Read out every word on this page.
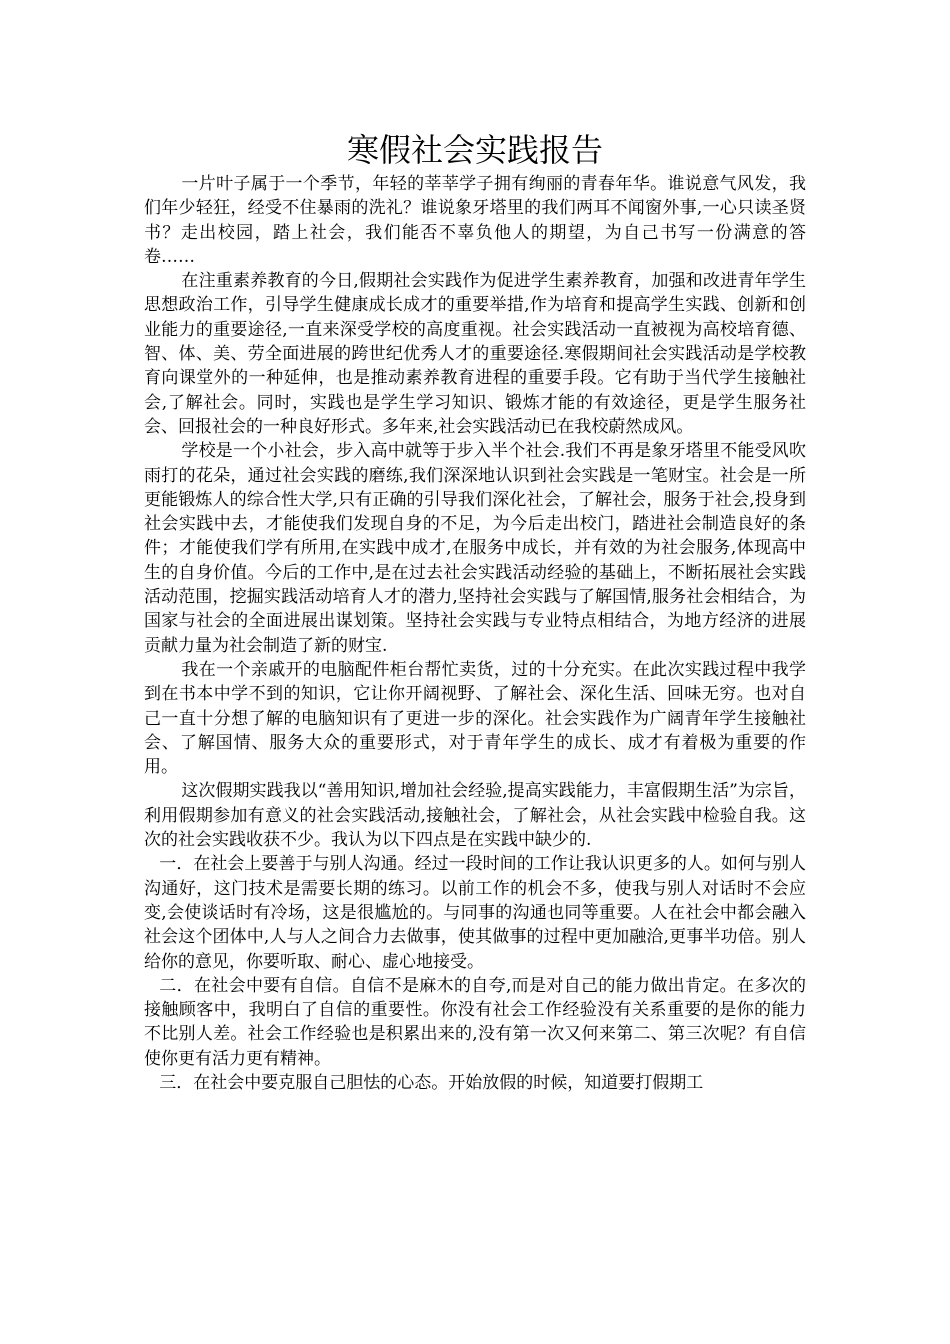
寒假社会实践报告

一片叶子属于一个季节，年轻的莘莘学子拥有绚丽的青春年华。谁说意气风发，我们年少轻狂，经受不住暴雨的洗礼？谁说象牙塔里的我们两耳不闻窗外事,一心只读圣贤书？走出校园，踏上社会，我们能否不辜负他人的期望，为自己书写一份满意的答卷……

在注重素养教育的今日,假期社会实践作为促进学生素养教育，加强和改进青年学生思想政治工作，引导学生健康成长成才的重要举措,作为培育和提高学生实践、创新和创业能力的重要途径,一直来深受学校的高度重视。社会实践活动一直被视为高校培育德、智、体、美、劳全面进展的跨世纪优秀人才的重要途径.寒假期间社会实践活动是学校教育向课堂外的一种延伸，也是推动素养教育进程的重要手段。它有助于当代学生接触社会,了解社会。同时，实践也是学生学习知识、锻炼才能的有效途径，更是学生服务社会、回报社会的一种良好形式。多年来,社会实践活动已在我校蔚然成风。

学校是一个小社会，步入高中就等于步入半个社会.我们不再是象牙塔里不能受风吹雨打的花朵，通过社会实践的磨练,我们深深地认识到社会实践是一笔财宝。社会是一所更能锻炼人的综合性大学,只有正确的引导我们深化社会，了解社会，服务于社会,投身到社会实践中去，才能使我们发现自身的不足，为今后走出校门，踏进社会制造良好的条件；才能使我们学有所用,在实践中成才,在服务中成长，并有效的为社会服务,体现高中生的自身价值。今后的工作中,是在过去社会实践活动经验的基础上，不断拓展社会实践活动范围，挖掘实践活动培育人才的潜力,坚持社会实践与了解国情,服务社会相结合，为国家与社会的全面进展出谋划策。坚持社会实践与专业特点相结合，为地方经济的进展贡献力量为社会制造了新的财宝.

我在一个亲戚开的电脑配件柜台帮忙卖货，过的十分充实。在此次实践过程中我学到在书本中学不到的知识，它让你开阔视野、了解社会、深化生活、回味无穷。也对自己一直十分想了解的电脑知识有了更进一步的深化。社会实践作为广阔青年学生接触社会、了解国情、服务大众的重要形式，对于青年学生的成长、成才有着极为重要的作用。

这次假期实践我以“善用知识,增加社会经验,提高实践能力，丰富假期生活”为宗旨，利用假期参加有意义的社会实践活动,接触社会，了解社会，从社会实践中检验自我。这次的社会实践收获不少。我认为以下四点是在实践中缺少的.

一．在社会上要善于与别人沟通。经过一段时间的工作让我认识更多的人。如何与别人沟通好，这门技术是需要长期的练习。以前工作的机会不多，使我与别人对话时不会应变,会使谈话时有冷场，这是很尴尬的。与同事的沟通也同等重要。人在社会中都会融入社会这个团体中,人与人之间合力去做事，使其做事的过程中更加融洽,更事半功倍。别人给你的意见，你要听取、耐心、虚心地接受。

二．在社会中要有自信。自信不是麻木的自夸,而是对自己的能力做出肯定。在多次的接触顾客中，我明白了自信的重要性。你没有社会工作经验没有关系重要的是你的能力不比别人差。社会工作经验也是积累出来的,没有第一次又何来第二、第三次呢？有自信使你更有活力更有精神。

三．在社会中要克服自己胆怯的心态。开始放假的时候，知道要打假期工
